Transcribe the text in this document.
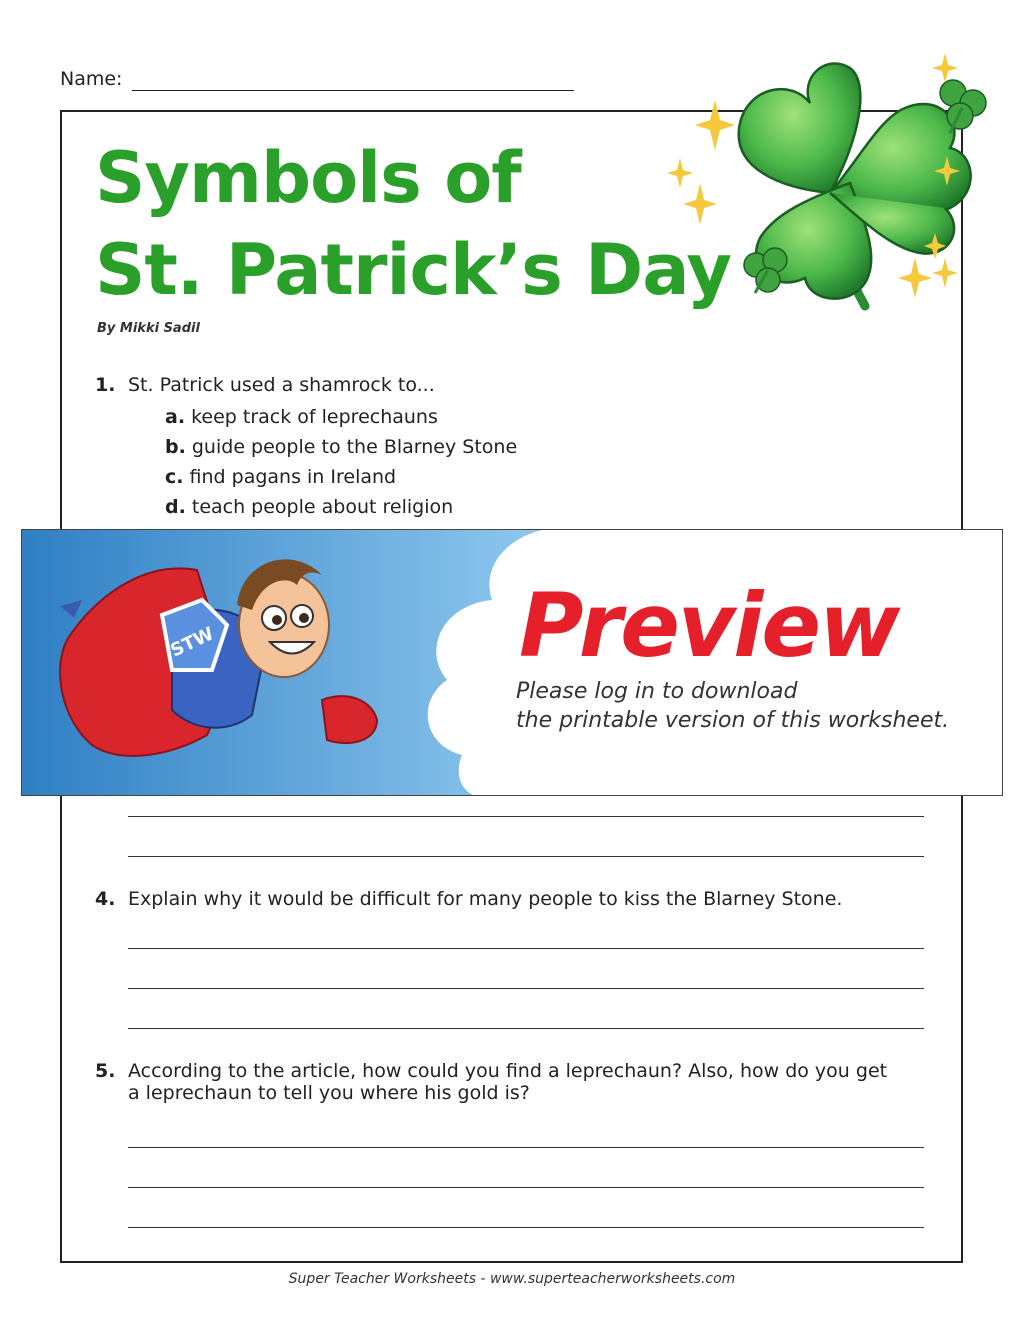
Name:
Symbols of
St. Patrick’s Day
By Mikki Sadil
1. St. Patrick used a shamrock to...
a. keep track of leprechauns
b. guide people to the Blarney Stone
c. find pagans in Ireland
d. teach people about religion
STW	Preview
Please log in to download
the printable version of this worksheet.
4. Explain why it would be difficult for many people to kiss the Blarney Stone.
5. According to the article, how could you find a leprechaun? Also, how do you get
a leprechaun to tell you where his gold is?
Super Teacher Worksheets - www.superteacherworksheets.com
